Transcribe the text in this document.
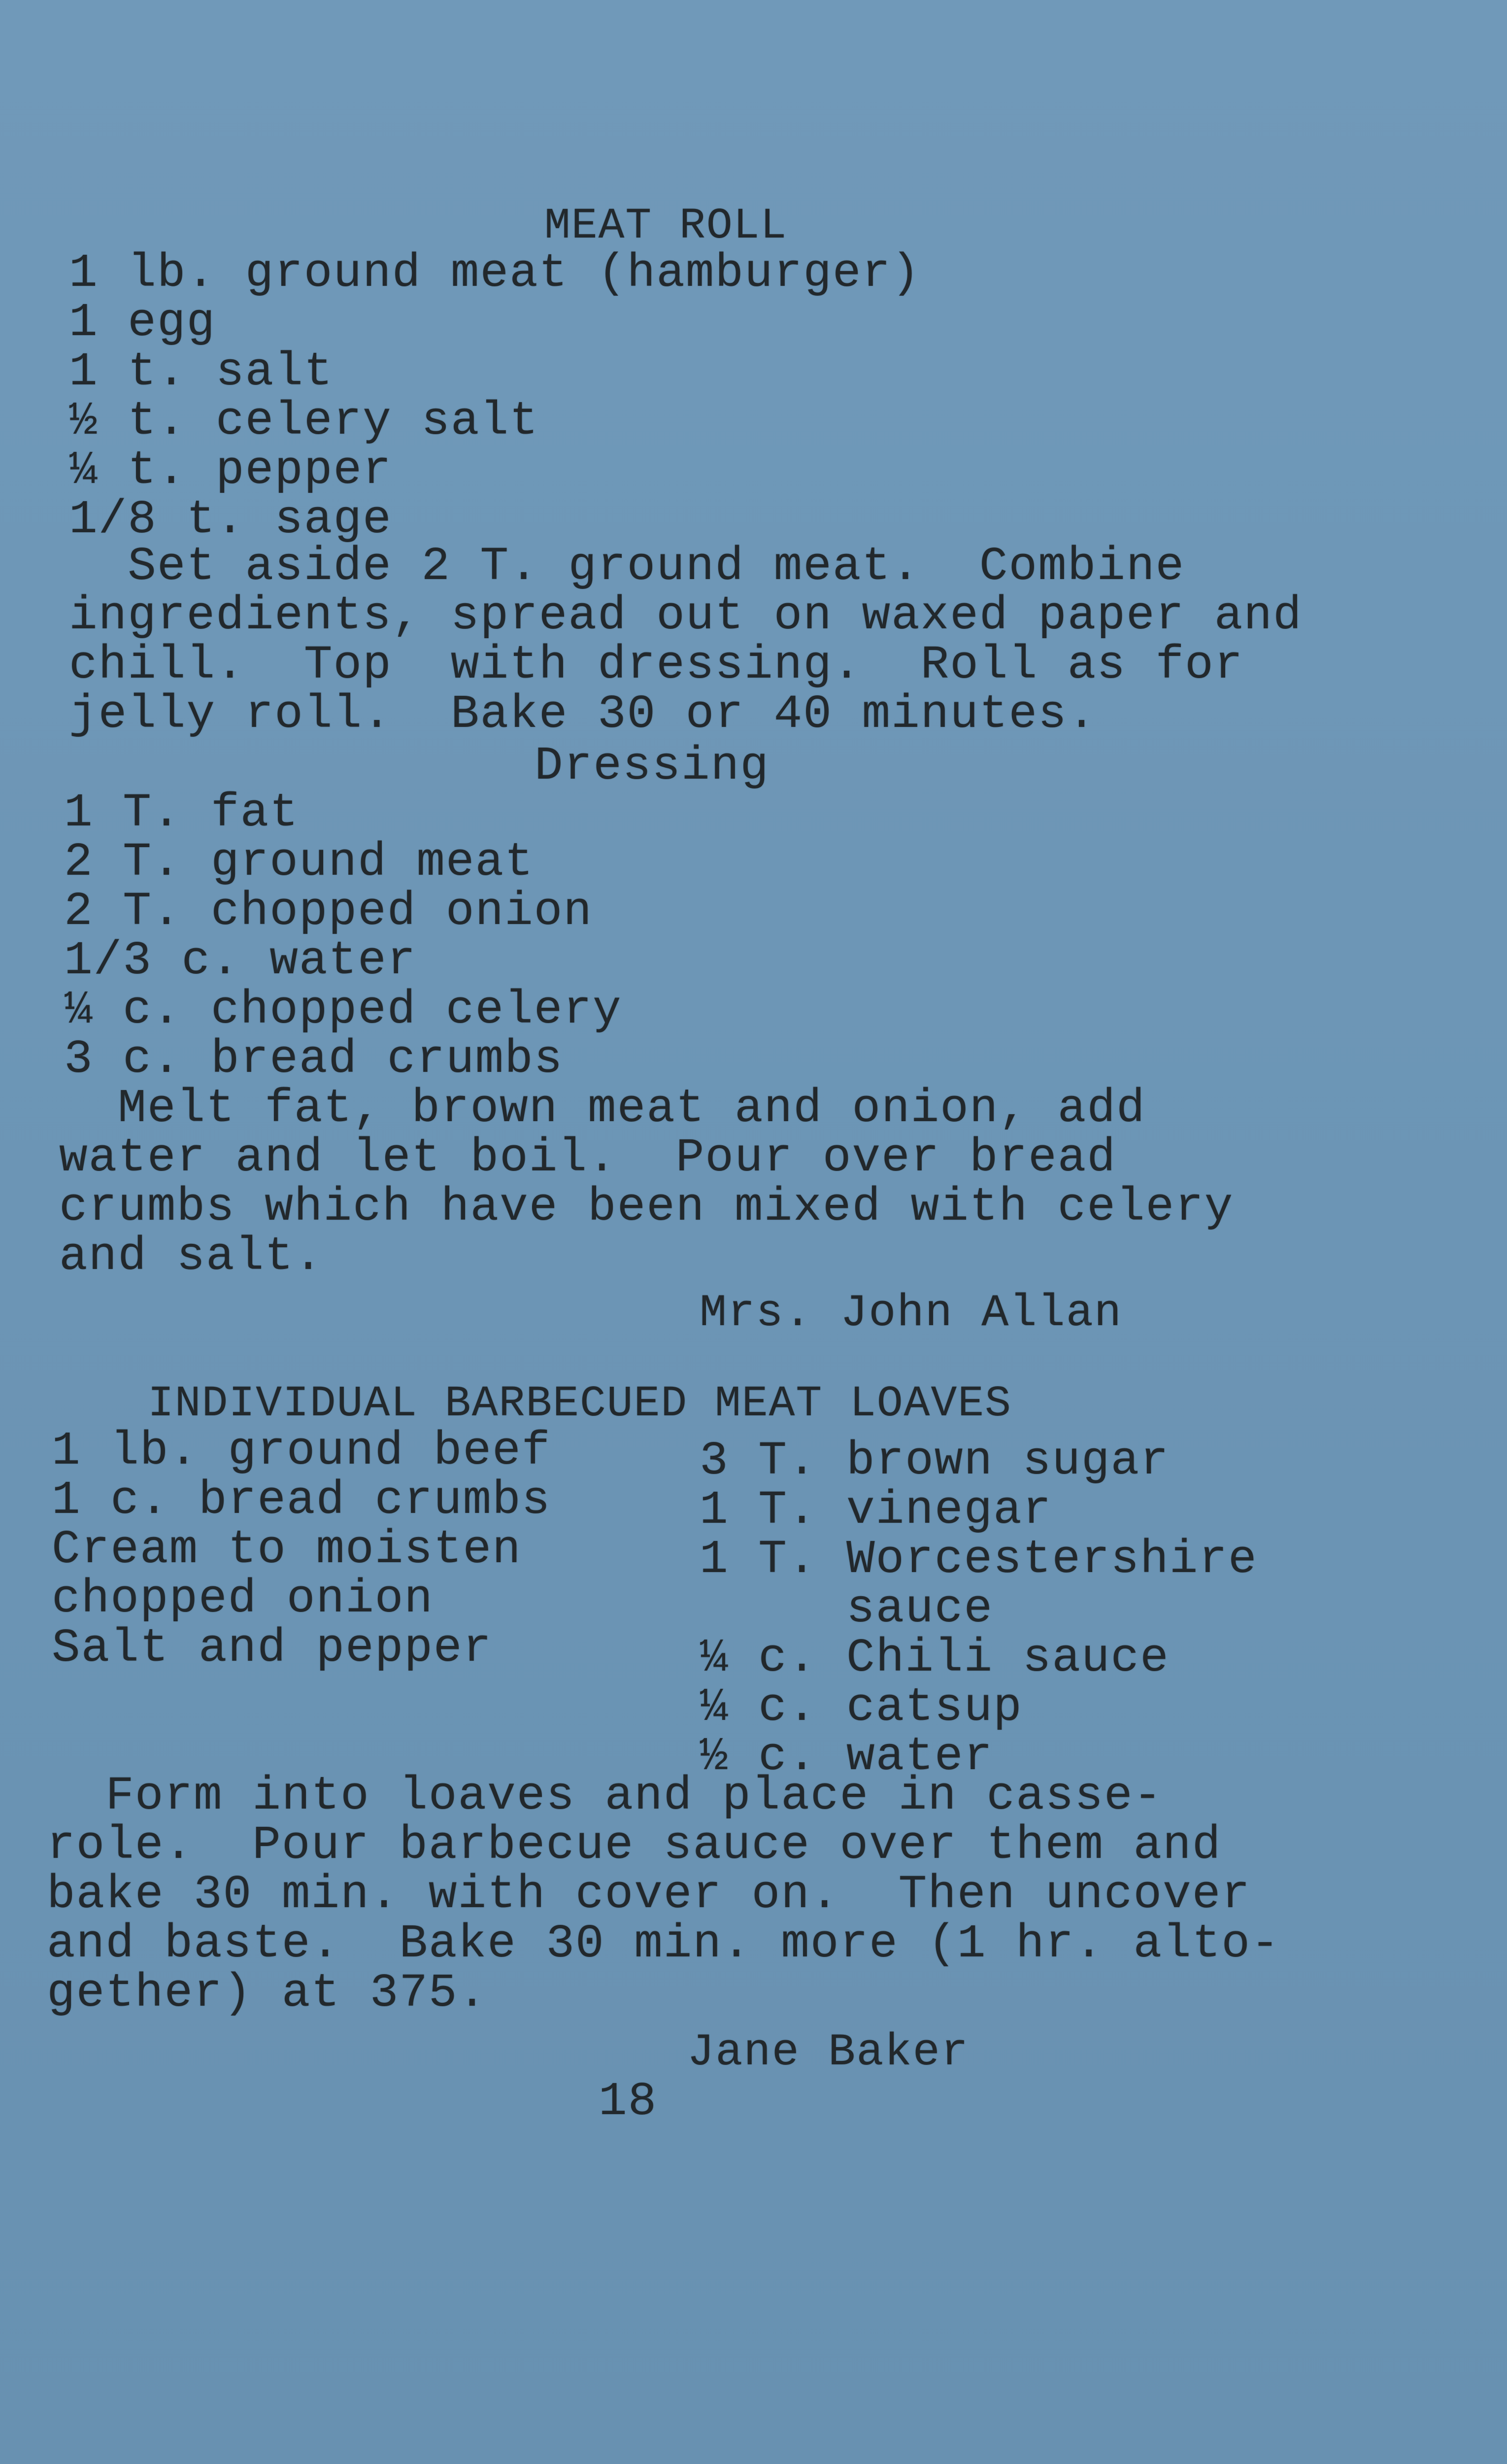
MEAT ROLL
1 lb. ground meat (hamburger)
1 egg
1 t. salt
½ t. celery salt
¼ t. pepper
1/8 t. sage
Set aside 2 T. ground meat.  Combine
ingredients, spread out on waxed paper and
chill.  Top  with dressing.  Roll as for
jelly roll.  Bake 30 or 40 minutes.
Dressing
1 T. fat
2 T. ground meat
2 T. chopped onion
1/3 c. water
¼ c. chopped celery
3 c. bread crumbs
Melt fat, brown meat and onion, add
water and let boil.  Pour over bread
crumbs which have been mixed with celery
and salt.
Mrs. John Allan
INDIVIDUAL BARBECUED MEAT LOAVES
1 lb. ground beef
1 c. bread crumbs
Cream to moisten
chopped onion
Salt and pepper
3 T. brown sugar
1 T. vinegar
1 T. Worcestershire
sauce
¼ c. Chili sauce
¼ c. catsup
½ c. water
Form into loaves and place in casse-
role.  Pour barbecue sauce over them and
bake 30 min. with cover on.  Then uncover
and baste.  Bake 30 min. more (1 hr. alto-
gether) at 375.
Jane Baker
18
